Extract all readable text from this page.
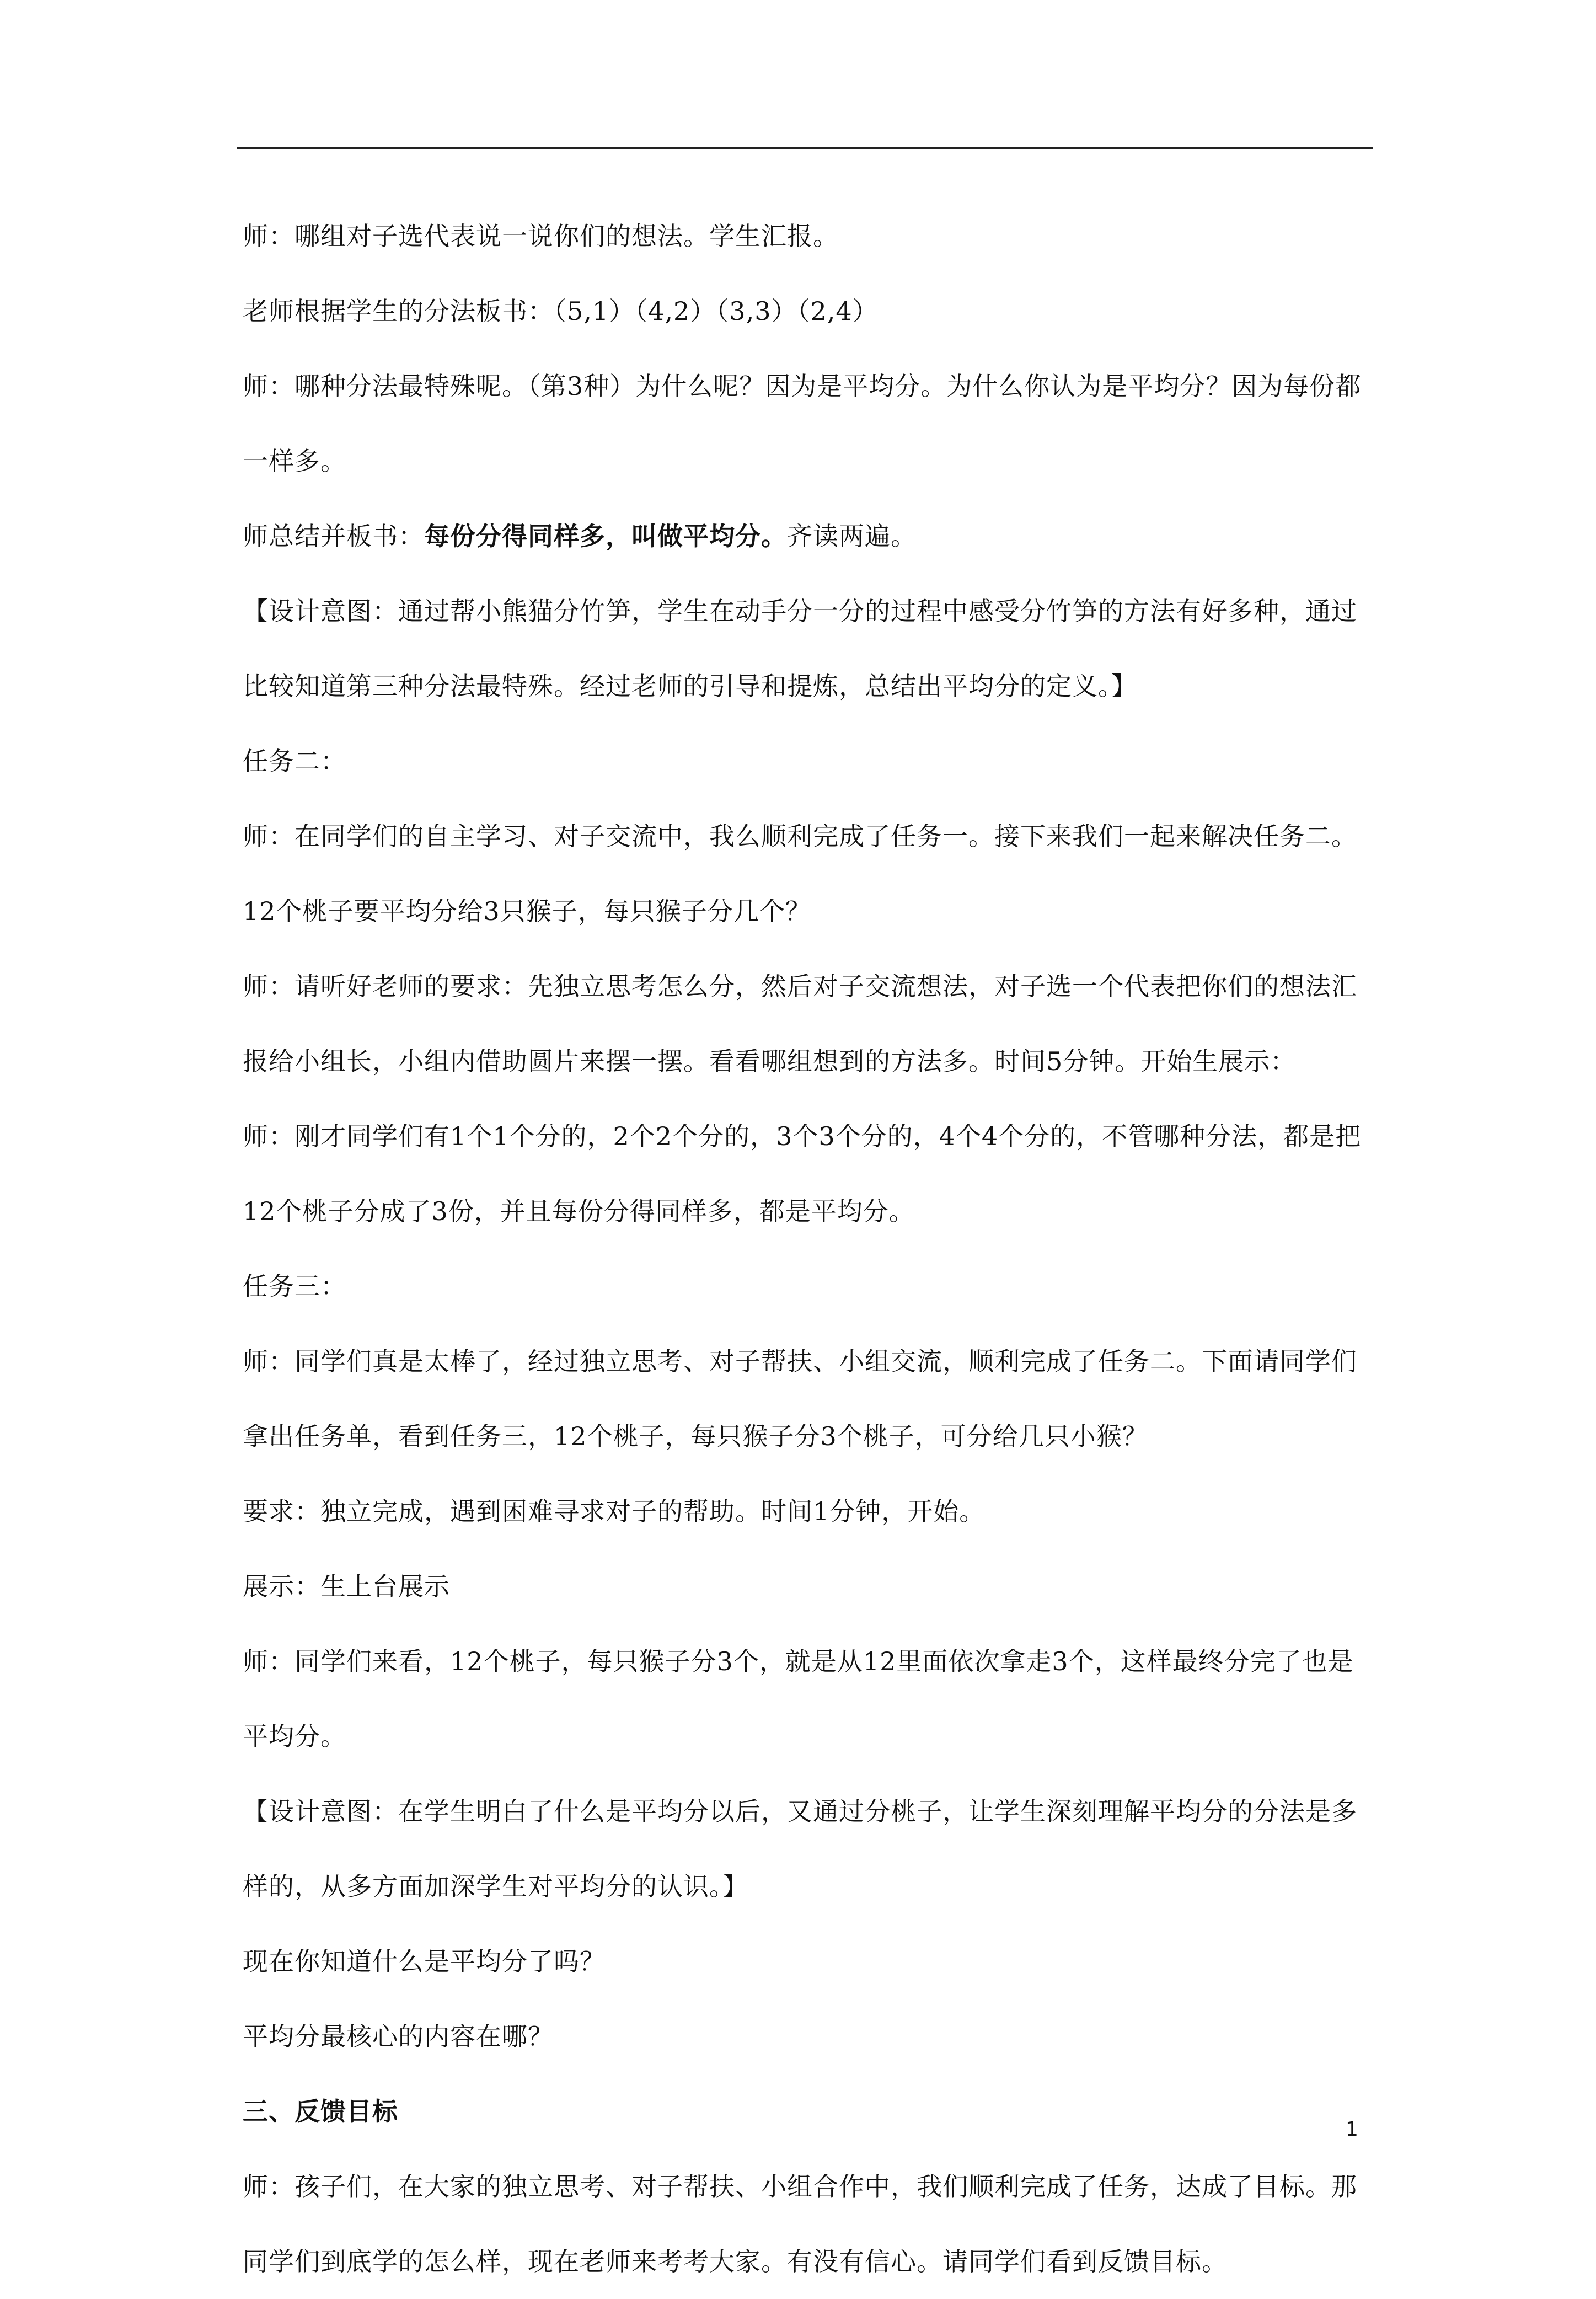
师：哪组对子选代表说一说你们的想法。学生汇报。

老师根据学生的分法板书：（5,1）（4,2）（3,3）（2,4）

师：哪种分法最特殊呢。（第3种）为什么呢？因为是平均分。为什么你认为是平均分？因为每份都一样多。

师总结并板书：每份分得同样多，叫做平均分。齐读两遍。

【设计意图：通过帮小熊猫分竹笋，学生在动手分一分的过程中感受分竹笋的方法有好多种，通过比较知道第三种分法最特殊。经过老师的引导和提炼，总结出平均分的定义。】

任务二：

师：在同学们的自主学习、对子交流中，我么顺利完成了任务一。接下来我们一起来解决任务二。

12个桃子要平均分给3只猴子，每只猴子分几个？

师：请听好老师的要求：先独立思考怎么分，然后对子交流想法，对子选一个代表把你们的想法汇报给小组长，小组内借助圆片来摆一摆。看看哪组想到的方法多。时间5分钟。开始生展示：

师：刚才同学们有1个1个分的，2个2个分的，3个3个分的，4个4个分的，不管哪种分法，都是把12个桃子分成了3份，并且每份分得同样多，都是平均分。

任务三：

师：同学们真是太棒了，经过独立思考、对子帮扶、小组交流，顺利完成了任务二。下面请同学们拿出任务单，看到任务三，12个桃子，每只猴子分3个桃子，可分给几只小猴？

要求：独立完成，遇到困难寻求对子的帮助。时间1分钟，开始。

展示：生上台展示

师：同学们来看，12个桃子，每只猴子分3个，就是从12里面依次拿走3个，这样最终分完了也是平均分。

【设计意图：在学生明白了什么是平均分以后，又通过分桃子，让学生深刻理解平均分的分法是多样的，从多方面加深学生对平均分的认识。】

现在你知道什么是平均分了吗？

平均分最核心的内容在哪？

三、反馈目标

师：孩子们，在大家的独立思考、对子帮扶、小组合作中，我们顺利完成了任务，达成了目标。那同学们到底学的怎么样，现在老师来考考大家。有没有信心。请同学们看到反馈目标。

1
